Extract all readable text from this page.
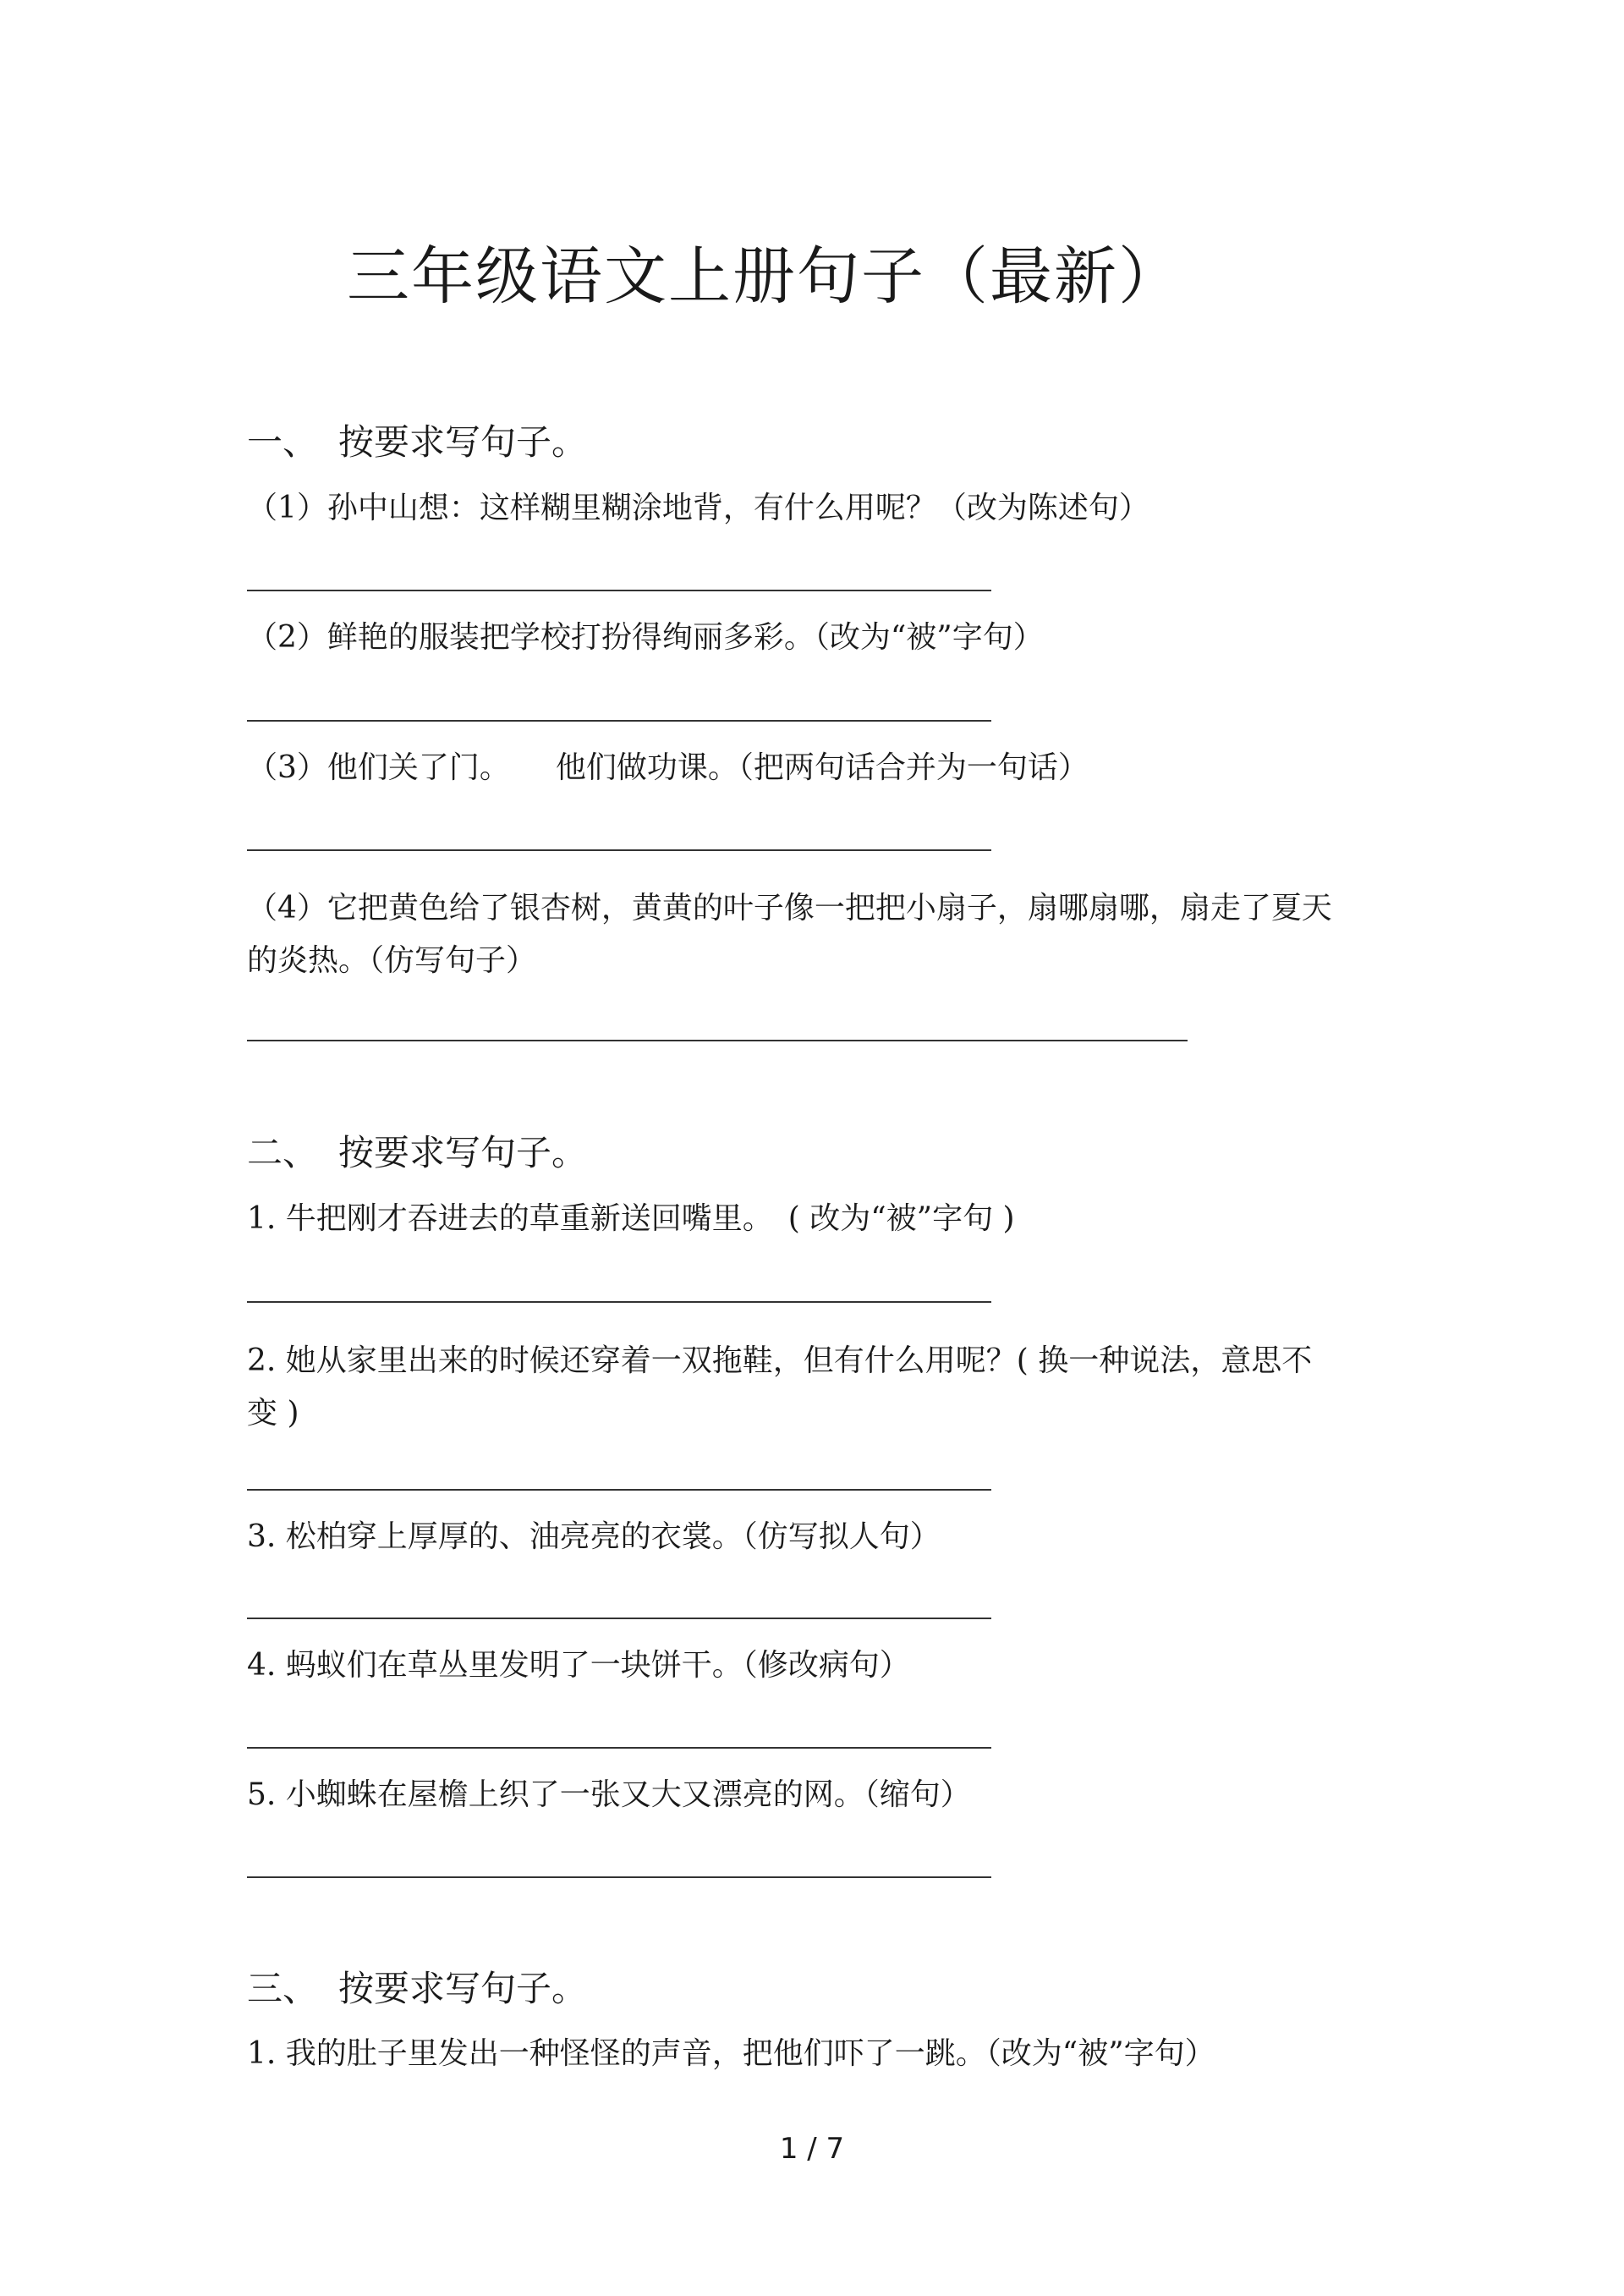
三年级语文上册句子（最新）
一、 按要求写句子。
（1）孙中山想：这样糊里糊涂地背，有什么用呢？（改为陈述句）
（2）鲜艳的服装把学校打扮得绚丽多彩。（改为“被”字句）
（3）他们关了门。　　他们做功课。（把两句话合并为一句话）
（4）它把黄色给了银杏树，黄黄的叶子像一把把小扇子，扇哪扇哪，扇走了夏天的炎热。（仿写句子）
二、 按要求写句子。
1. 牛把刚才吞进去的草重新送回嘴里。　( 改为“被”字句 )
2. 她从家里出来的时候还穿着一双拖鞋，但有什么用呢？( 换一种说法，意思不变 )
3. 松柏穿上厚厚的、油亮亮的衣裳。（仿写拟人句）
4. 蚂蚁们在草丛里发明了一块饼干。（修改病句）
5. 小蜘蛛在屋檐上织了一张又大又漂亮的网。（缩句）
三、 按要求写句子。
1. 我的肚子里发出一种怪怪的声音，把他们吓了一跳。（改为“被”字句）
1 / 7
